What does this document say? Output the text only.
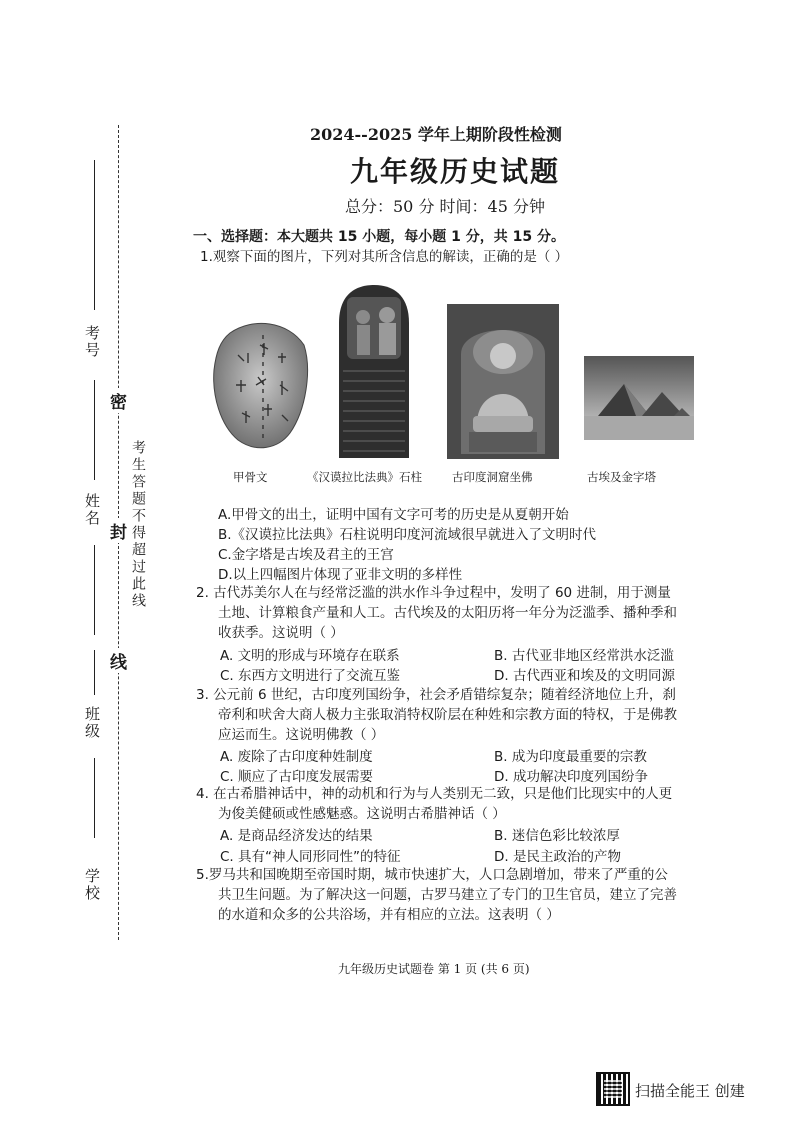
考号
姓名
班级
学校
密
封
线
考生答题不得超过此线
2024--2025 学年上期阶段性检测
九年级历史试题
总分：50 分 时间：45 分钟
一、选择题：本大题共 15 小题，每小题 1 分，共 15 分。
1.观察下面的图片，下列对其所含信息的解读，正确的是（ ）
甲骨文	《汉谟拉比法典》石柱	古印度洞窟坐佛	古埃及金字塔
A.甲骨文的出土，证明中国有文字可考的历史是从夏朝开始
B.《汉谟拉比法典》石柱说明印度河流域很早就进入了文明时代
C.金字塔是古埃及君主的王宫
D.以上四幅图片体现了亚非文明的多样性
2. 古代苏美尔人在与经常泛滥的洪水作斗争过程中，发明了 60 进制，用于测量
土地、计算粮食产量和人工。古代埃及的太阳历将一年分为泛滥季、播种季和
收获季。这说明（ ）
A. 文明的形成与环境存在联系	B. 古代亚非地区经常洪水泛滥
C. 东西方文明进行了交流互鉴	D. 古代西亚和埃及的文明同源
3. 公元前 6 世纪，古印度列国纷争，社会矛盾错综复杂；随着经济地位上升，刹
帝利和吠舍大商人极力主张取消特权阶层在种姓和宗教方面的特权，于是佛教
应运而生。这说明佛教（ ）
A. 废除了古印度种姓制度	B. 成为印度最重要的宗教
C. 顺应了古印度发展需要	D. 成功解决印度列国纷争
4. 在古希腊神话中，神的动机和行为与人类别无二致，只是他们比现实中的人更
为俊美健硕或性感魅惑。这说明古希腊神话（ ）
A. 是商品经济发达的结果	B. 迷信色彩比较浓厚
C. 具有“神人同形同性”的特征	D. 是民主政治的产物
5.罗马共和国晚期至帝国时期，城市快速扩大，人口急剧增加，带来了严重的公
共卫生问题。为了解决这一问题，古罗马建立了专门的卫生官员，建立了完善
的水道和众多的公共浴场，并有相应的立法。这表明（ ）
九年级历史试题卷 第 1 页 (共 6 页)
扫描全能王 创建
